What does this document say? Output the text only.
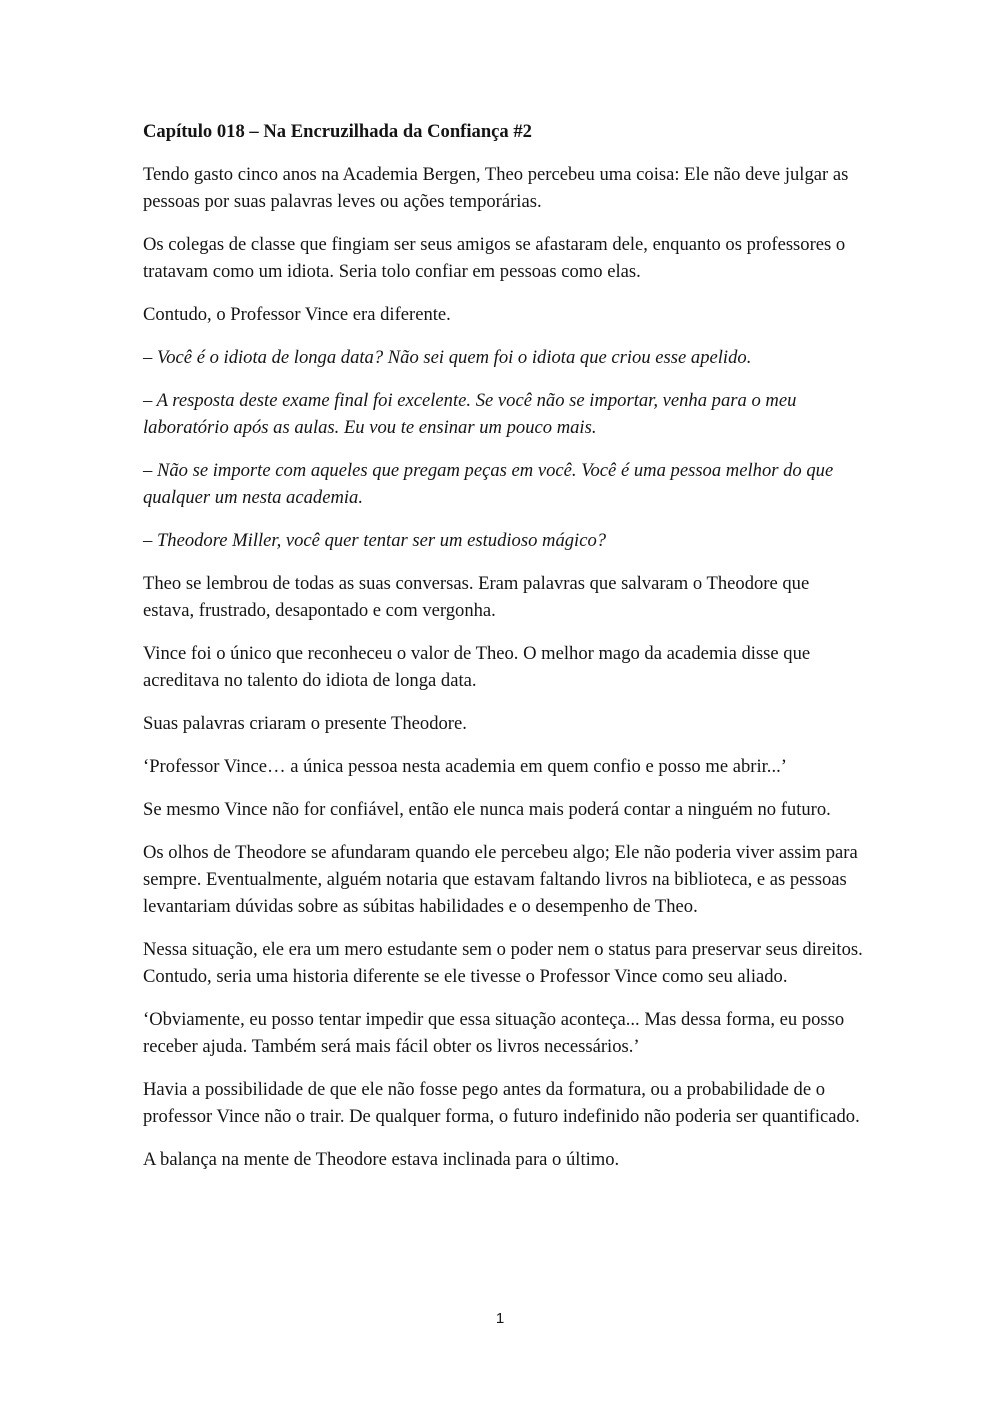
Capítulo 018 – Na Encruzilhada da Confiança #2

Tendo gasto cinco anos na Academia Bergen, Theo percebeu uma coisa: Ele não deve julgar as pessoas por suas palavras leves ou ações temporárias.

Os colegas de classe que fingiam ser seus amigos se afastaram dele, enquanto os professores o tratavam como um idiota. Seria tolo confiar em pessoas como elas.

Contudo, o Professor Vince era diferente.

– Você é o idiota de longa data? Não sei quem foi o idiota que criou esse apelido.

– A resposta deste exame final foi excelente. Se você não se importar, venha para o meu laboratório após as aulas. Eu vou te ensinar um pouco mais.

– Não se importe com aqueles que pregam peças em você. Você é uma pessoa melhor do que qualquer um nesta academia.

– Theodore Miller, você quer tentar ser um estudioso mágico?

Theo se lembrou de todas as suas conversas. Eram palavras que salvaram o Theodore que estava, frustrado, desapontado e com vergonha.

Vince foi o único que reconheceu o valor de Theo. O melhor mago da academia disse que acreditava no talento do idiota de longa data.

Suas palavras criaram o presente Theodore.

‘Professor Vince… a única pessoa nesta academia em quem confio e posso me abrir...’

Se mesmo Vince não for confiável, então ele nunca mais poderá contar a ninguém no futuro.

Os olhos de Theodore se afundaram quando ele percebeu algo; Ele não poderia viver assim para sempre. Eventualmente, alguém notaria que estavam faltando livros na biblioteca, e as pessoas levantariam dúvidas sobre as súbitas habilidades e o desempenho de Theo.

Nessa situação, ele era um mero estudante sem o poder nem o status para preservar seus direitos. Contudo, seria uma historia diferente se ele tivesse o Professor Vince como seu aliado.

‘Obviamente, eu posso tentar impedir que essa situação aconteça... Mas dessa forma, eu posso receber ajuda. Também será mais fácil obter os livros necessários.’

Havia a possibilidade de que ele não fosse pego antes da formatura, ou a probabilidade de o professor Vince não o trair. De qualquer forma, o futuro indefinido não poderia ser quantificado.

A balança na mente de Theodore estava inclinada para o último.

1
